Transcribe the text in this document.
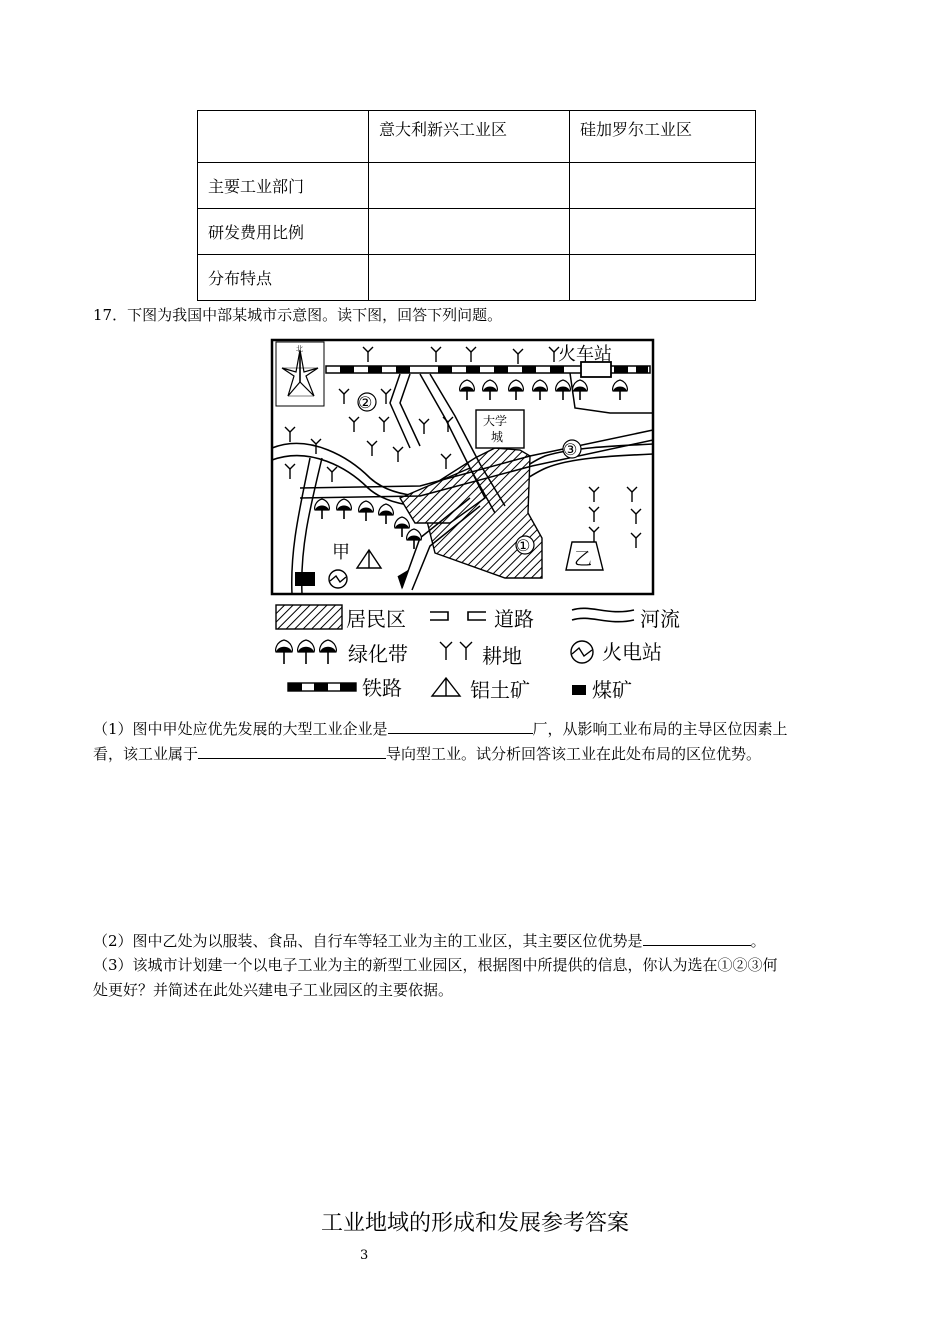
	意大利新兴工业区	硅加罗尔工业区
主要工业部门		
研发费用比例		
分布特点		
17．下图为我国中部某城市示意图。读下图，回答下列问题。
北	火车站
大学
城
②
③
①
甲	乙
居民区	道路	河流
绿化带	耕地	火电站
铁路	铝土矿	煤矿
（1）图中甲处应优先发展的大型工业企业是	厂，从影响工业布局的主导区位因素上
看，该工业属于	导向型工业。试分析回答该工业在此处布局的区位优势。
（2）图中乙处为以服装、食品、自行车等轻工业为主的工业区，其主要区位优势是	。
（3）该城市计划建一个以电子工业为主的新型工业园区，根据图中所提供的信息，你认为选在①②③何
处更好？并简述在此处兴建电子工业园区的主要依据。
工业地域的形成和发展参考答案
3
